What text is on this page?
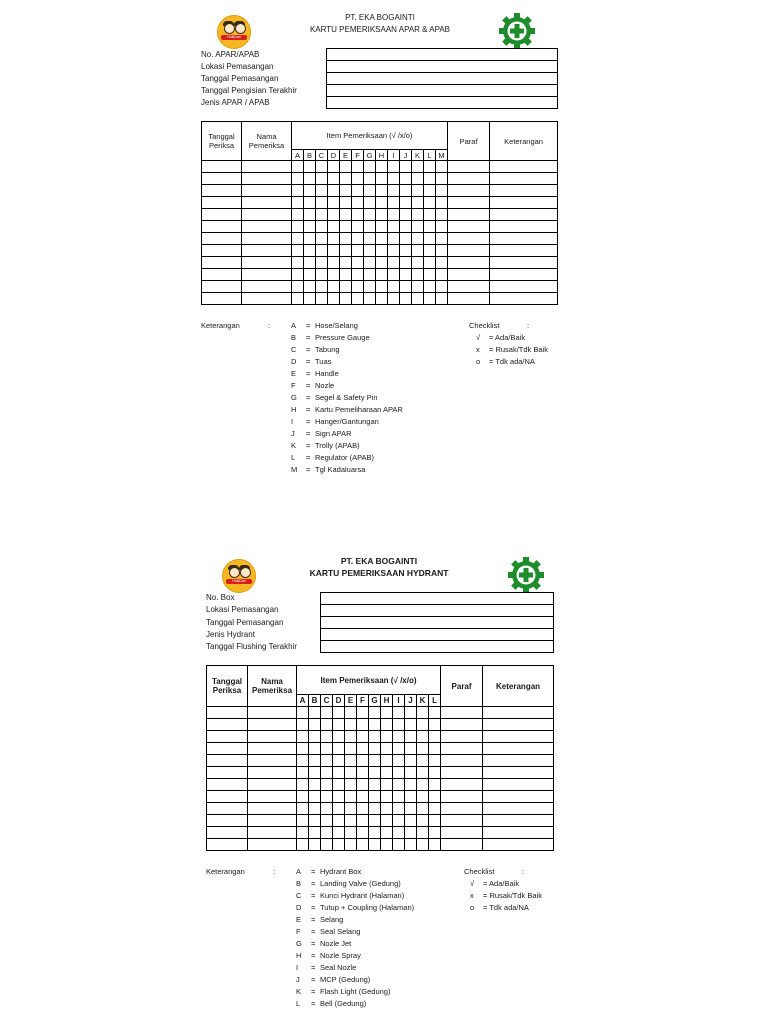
HokiDan
PT. EKA BOGAINTI
KARTU PEMERIKSAAN APAR & APAB
No. APAR/APAB
Lokasi Pemasangan
Tanggal Pemasangan
Tanggal Pengisian Terakhir
Jenis APAR / APAB
Tanggal Periksa	Nama Pemeriksa	Item Pemeriksaan (√ /x/o)													Paraf	Keterangan
		A	B	C	D	E	F	G	H	I	J	K	L	M		

Keterangan	:	A = Hose/Selang
B = Pressure Gauge
C = Tabung
D = Tuas
E = Handle
F = Nozle
G = Segel & Safety Pin
H = Kartu Pemeliharaan APAR
I = Hanger/Gantungan
J = Sign APAR
K = Trolly (APAB)
L = Regulator (APAB)
M = Tgl Kadaluarsa
Checklist	:
√ = Ada/Baik
x = Rusak/Tdk Baik
o = Tdk ada/NA
HokiDan
PT. EKA BOGAINTI
KARTU PEMERIKSAAN HYDRANT
No. Box
Lokasi Pemasangan
Tanggal Pemasangan
Jenis Hydrant
Tanggal Flushing Terakhir
Tanggal Periksa	Nama Pemeriksa	Item Pemeriksaan (√ /x/o)												Paraf	Keterangan
		A	B	C	D	E	F	G	H	I	J	K	L		

Keterangan	:	A = Hydrant Box
B = Landing Valve (Gedung)
C = Kunci Hydrant (Halaman)
D = Tutup + Coupling (Halaman)
E = Selang
F = Seal Selang
G = Nozle Jet
H = Nozle Spray
I = Seal Nozle
J = MCP (Gedung)
K = Flash Light (Gedung)
L = Bell (Gedung)
Checklist	:
√ = Ada/Baik
x = Rusak/Tdk Baik
o = Tdk ada/NA
